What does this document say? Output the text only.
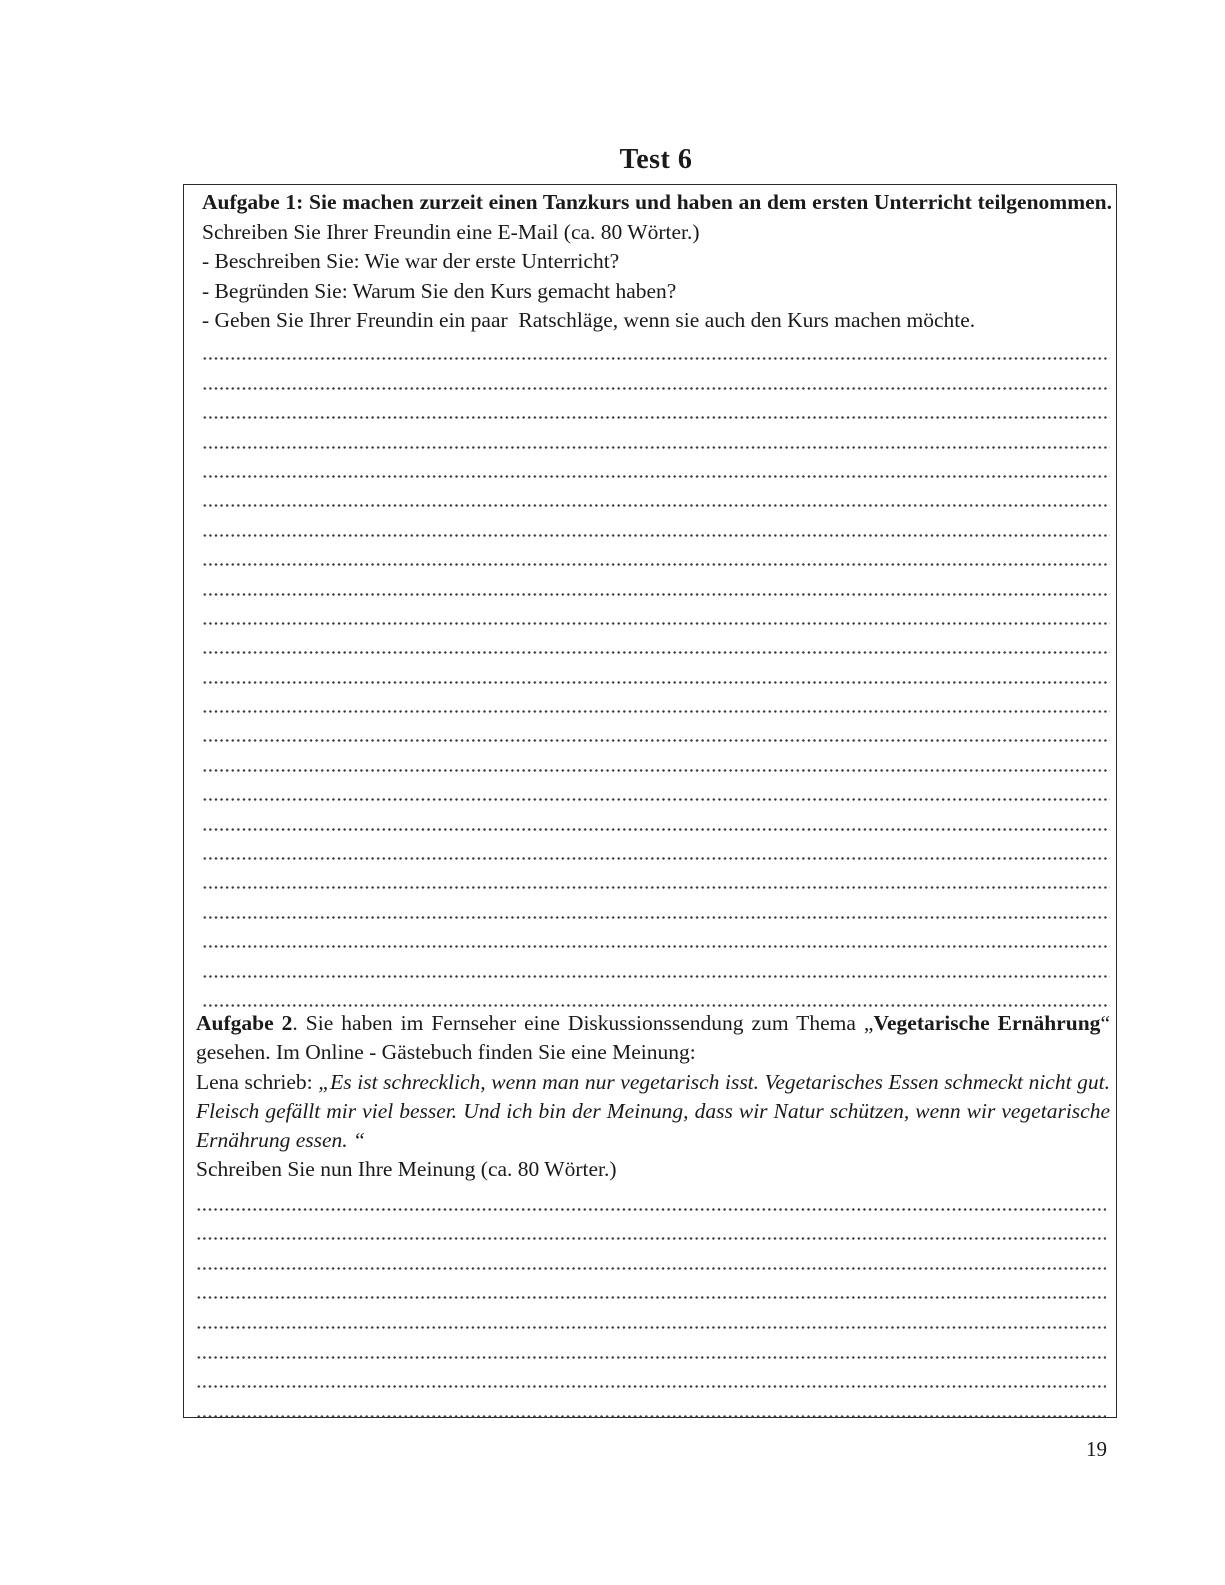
Test 6

Aufgabe 1: Sie machen zurzeit einen Tanzkurs und haben an dem ersten Unterricht teilgenommen. Schreiben Sie Ihrer Freundin eine E-Mail (ca. 80 Wörter.)

- Beschreiben Sie: Wie war der erste Unterricht?

- Begründen Sie: Warum Sie den Kurs gemacht haben?

- Geben Sie Ihrer Freundin ein paar  Ratschläge, wenn sie auch den Kurs machen möchte.

Aufgabe 2. Sie haben im Fernseher eine Diskussionssendung zum Thema „Vegetarische Ernährung“ gesehen. Im Online - Gästebuch finden Sie eine Meinung:

Lena schrieb: „Es ist schrecklich, wenn man nur vegetarisch isst. Vegetarisches Essen schmeckt nicht gut. Fleisch gefällt mir viel besser. Und ich bin der Meinung, dass wir Natur schützen, wenn wir vegetarische Ernährung essen. “

Schreiben Sie nun Ihre Meinung (ca. 80 Wörter.)

19
